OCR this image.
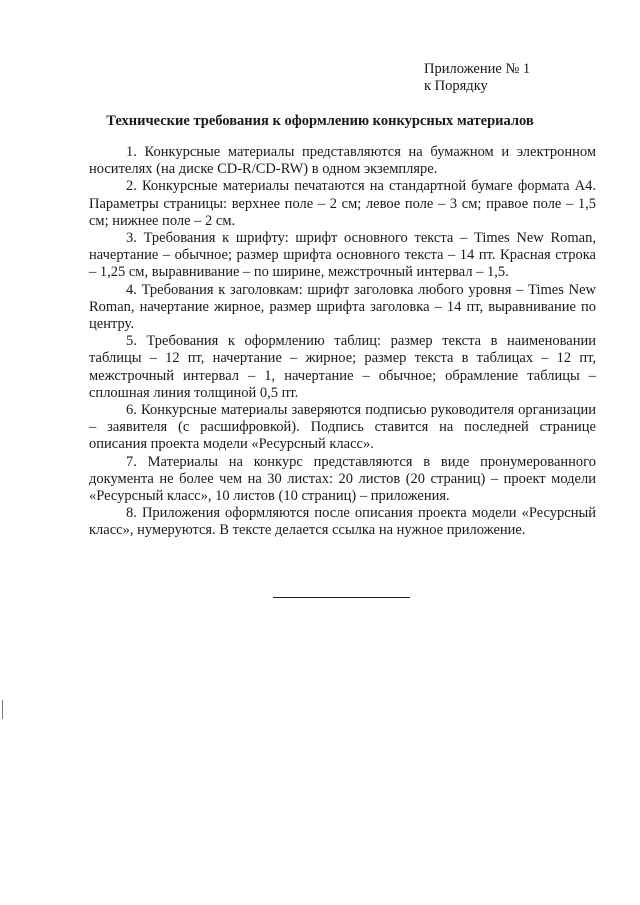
Приложение № 1
к Порядку
Технические требования к оформлению конкурсных материалов

1. Конкурсные материалы представляются на бумажном и электронном носителях (на диске CD-R/CD-RW) в одном экземпляре.

2. Конкурсные материалы печатаются на стандартной бумаге формата А4. Параметры страницы: верхнее поле – 2 см; левое поле – 3 см; правое поле – 1,5 см; нижнее поле – 2 см.

3. Требования к шрифту: шрифт основного текста – Times New Roman, начертание – обычное; размер шрифта основного текста – 14 пт. Красная строка – 1,25 см, выравнивание – по ширине, межстрочный интервал – 1,5.

4. Требования к заголовкам: шрифт заголовка любого уровня – Times New Roman, начертание жирное, размер шрифта заголовка – 14 пт, выравнивание по центру.

5. Требования к оформлению таблиц: размер текста в наименовании таблицы – 12 пт, начертание – жирное; размер текста в таблицах – 12 пт, межстрочный интервал – 1, начертание – обычное; обрамление таблицы – сплошная линия толщиной 0,5 пт.

6. Конкурсные материалы заверяются подписью руководителя организации – заявителя (с расшифровкой). Подпись ставится на последней странице описания проекта модели «Ресурсный класс».

7. Материалы на конкурс представляются в виде пронумерованного документа не более чем на 30 листах: 20 листов (20 страниц) – проект модели «Ресурсный класс», 10 листов (10 страниц) – приложения.

8. Приложения оформляются после описания проекта модели «Ресурсный класс», нумеруются. В тексте делается ссылка на нужное приложение.
